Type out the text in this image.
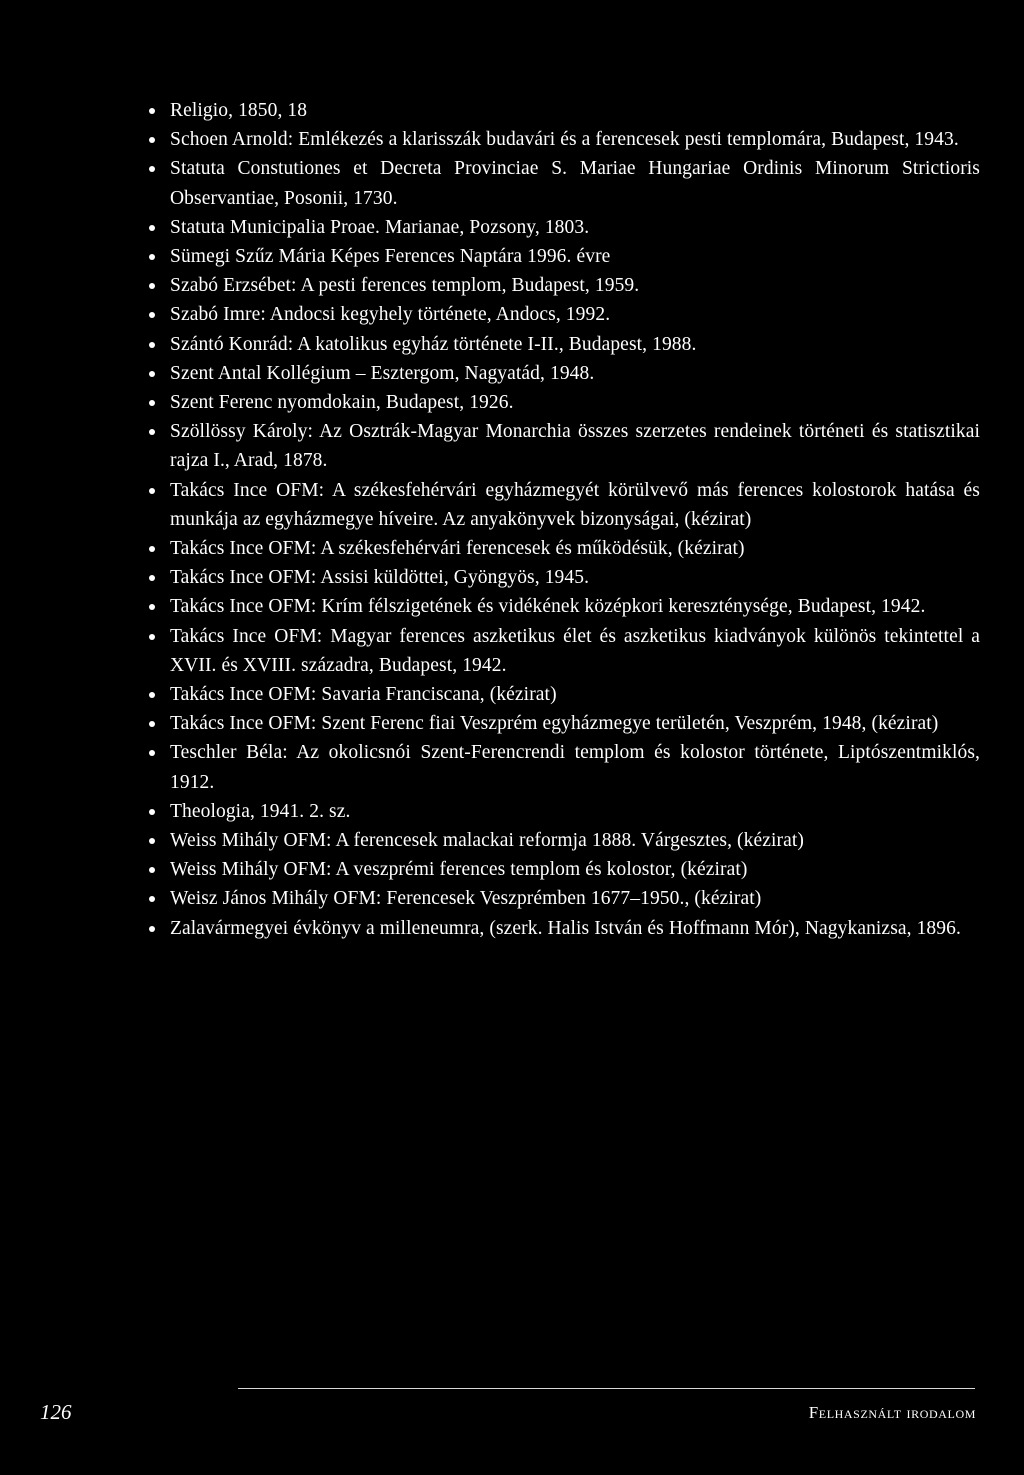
Religio, 1850, 18
Schoen Arnold: Emlékezés a klarisszák budavári és a ferencesek pesti templomára, Budapest, 1943.
Statuta Constutiones et Decreta Provinciae S. Mariae Hungariae Ordinis Minorum Strictioris Observantiae, Posonii, 1730.
Statuta Municipalia Proae. Marianae, Pozsony, 1803.
Sümegi Szűz Mária Képes Ferences Naptára 1996. évre
Szabó Erzsébet: A pesti ferences templom, Budapest, 1959.
Szabó Imre: Andocsi kegyhely története, Andocs, 1992.
Szántó Konrád: A katolikus egyház története I-II., Budapest, 1988.
Szent Antal Kollégium – Esztergom, Nagyatád, 1948.
Szent Ferenc nyomdokain, Budapest, 1926.
Szöllössy Károly: Az Osztrák-Magyar Monarchia összes szerzetes rendeinek történeti és statisztikai rajza I., Arad, 1878.
Takács Ince OFM: A székesfehérvári egyházmegyét körülvevő más ferences kolostorok hatása és munkája az egyházmegye híveire. Az anyakönyvek bizonyságai, (kézirat)
Takács Ince OFM: A székesfehérvári ferencesek és működésük, (kézirat)
Takács Ince OFM: Assisi küldöttei, Gyöngyös, 1945.
Takács Ince OFM: Krím félszigetének és vidékének középkori kereszténysége, Budapest, 1942.
Takács Ince OFM: Magyar ferences aszketikus élet és aszketikus kiadványok különös tekintettel a XVII. és XVIII. századra, Budapest, 1942.
Takács Ince OFM: Savaria Franciscana, (kézirat)
Takács Ince OFM: Szent Ferenc fiai Veszprém egyházmegye területén, Veszprém, 1948, (kézirat)
Teschler Béla: Az okolicsnói Szent-Ferencrendi templom és kolostor története, Liptószentmiklós, 1912.
Theologia, 1941. 2. sz.
Weiss Mihály OFM: A ferencesek malackai reformja 1888. Várgesztes, (kézirat)
Weiss Mihály OFM: A veszprémi ferences templom és kolostor, (kézirat)
Weisz János Mihály OFM: Ferencesek Veszprémben 1677–1950., (kézirat)
Zalavármegyei évkönyv a milleneumra, (szerk. Halis István és Hoffmann Mór), Nagykanizsa, 1896.
126	Felhasznált irodalom
